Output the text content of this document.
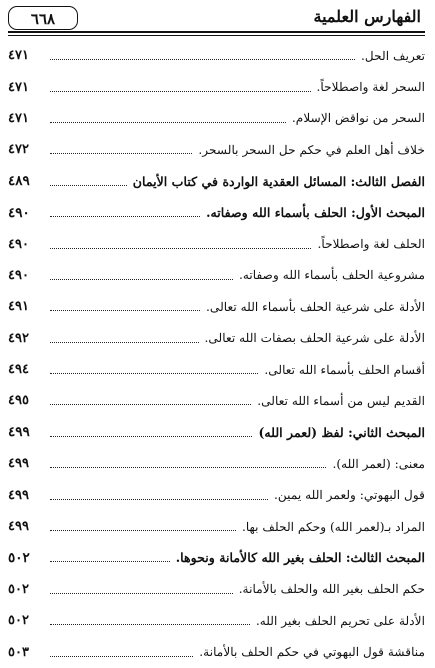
الفهارس العلمية
٦٦٨
تعريف الحل.
٤٧١
السحر لغة واصطلاحاً.
٤٧١
السحر من نواقض الإسلام.
٤٧١
خلاف أهل العلم في حكم حل السحر بالسحر.
٤٧٢
الفصل الثالث: المسائل العقدية الواردة في كتاب الأيمان
٤٨٩
المبحث الأول: الحلف بأسماء الله وصفاته.
٤٩٠
الحلف لغة واصطلاحاً.
٤٩٠
مشروعية الحلف بأسماء الله وصفاته.
٤٩٠
الأدلة على شرعية الحلف بأسماء الله تعالى.
٤٩١
الأدلة على شرعية الحلف بصفات الله تعالى.
٤٩٢
أقسام الحلف بأسماء الله تعالى.
٤٩٤
القديم ليس من أسماء الله تعالى.
٤٩٥
المبحث الثاني: لفظ (لعمر الله)
٤٩٩
معنى: (لعمر الله).
٤٩٩
قول البهوتي: ولعمر الله يمين.
٤٩٩
المراد بـ(لعمر الله) وحكم الحلف بها.
٤٩٩
المبحث الثالث: الحلف بغير الله كالأمانة ونحوها.
٥٠٢
حكم الحلف بغير الله والحلف بالأمانة.
٥٠٢
الأدلة على تحريم الحلف بغير الله.
٥٠٢
مناقشة قول البهوتي في حكم الحلف بالأمانة.
٥٠٣
